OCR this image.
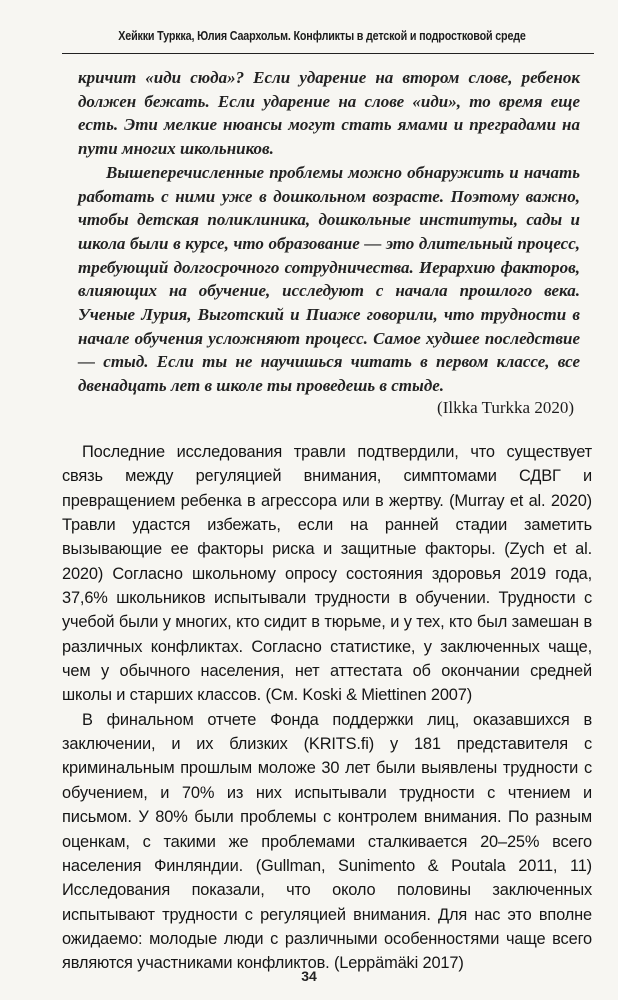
Хейкки Туркка, Юлия Саархольм. Конфликты в детской и подростковой среде

кричит «иди сюда»? Если ударение на втором слове, ребенок должен бежать. Если ударение на слове «иди», то время еще есть. Эти мелкие нюансы могут стать ямами и преградами на пути многих школьников.

Вышеперечисленные проблемы можно обнаружить и начать работать с ними уже в дошкольном возрасте. Поэтому важно, чтобы детская поликлиника, дошкольные институты, сады и школа были в курсе, что образование — это длительный процесс, требующий долгосрочного сотрудничества. Иерархию факторов, влияющих на обучение, исследуют с начала прошлого века. Ученые Лурия, Выготский и Пиаже говорили, что трудности в начале обучения усложняют процесс. Самое худшее последствие — стыд. Если ты не научишься читать в первом классе, все двенадцать лет в школе ты проведешь в стыде.

(Ilkka Turkka 2020)

Последние исследования травли подтвердили, что существует связь между регуляцией внимания, симптомами СДВГ и превращением ребенка в агрессора или в жертву. (Murray et al. 2020) Травли удастся избежать, если на ранней стадии заметить вызывающие ее факторы риска и защитные факторы. (Zych et al. 2020) Согласно школьному опросу состояния здоровья 2019 года, 37,6% школьников испытывали трудности в обучении. Трудности с учебой были у многих, кто сидит в тюрьме, и у тех, кто был замешан в различных конфликтах. Согласно статистике, у заключенных чаще, чем у обычного населения, нет аттестата об окончании средней школы и старших классов. (См. Koski & Miettinen 2007)

В финальном отчете Фонда поддержки лиц, оказавшихся в заключении, и их близких (KRITS.fi) у 181 представителя с криминальным прошлым моложе 30 лет были выявлены трудности с обучением, и 70% из них испытывали трудности с чтением и письмом. У 80% были проблемы с контролем внимания. По разным оценкам, с такими же проблемами сталкивается 20–25% всего населения Финляндии. (Gullman, Sunimento & Poutala 2011, 11) Исследования показали, что около половины заключенных испытывают трудности с регуляцией внимания. Для нас это вполне ожидаемо: молодые люди с различными особенностями чаще всего являются участниками конфликтов. (Leppämäki 2017)

34
